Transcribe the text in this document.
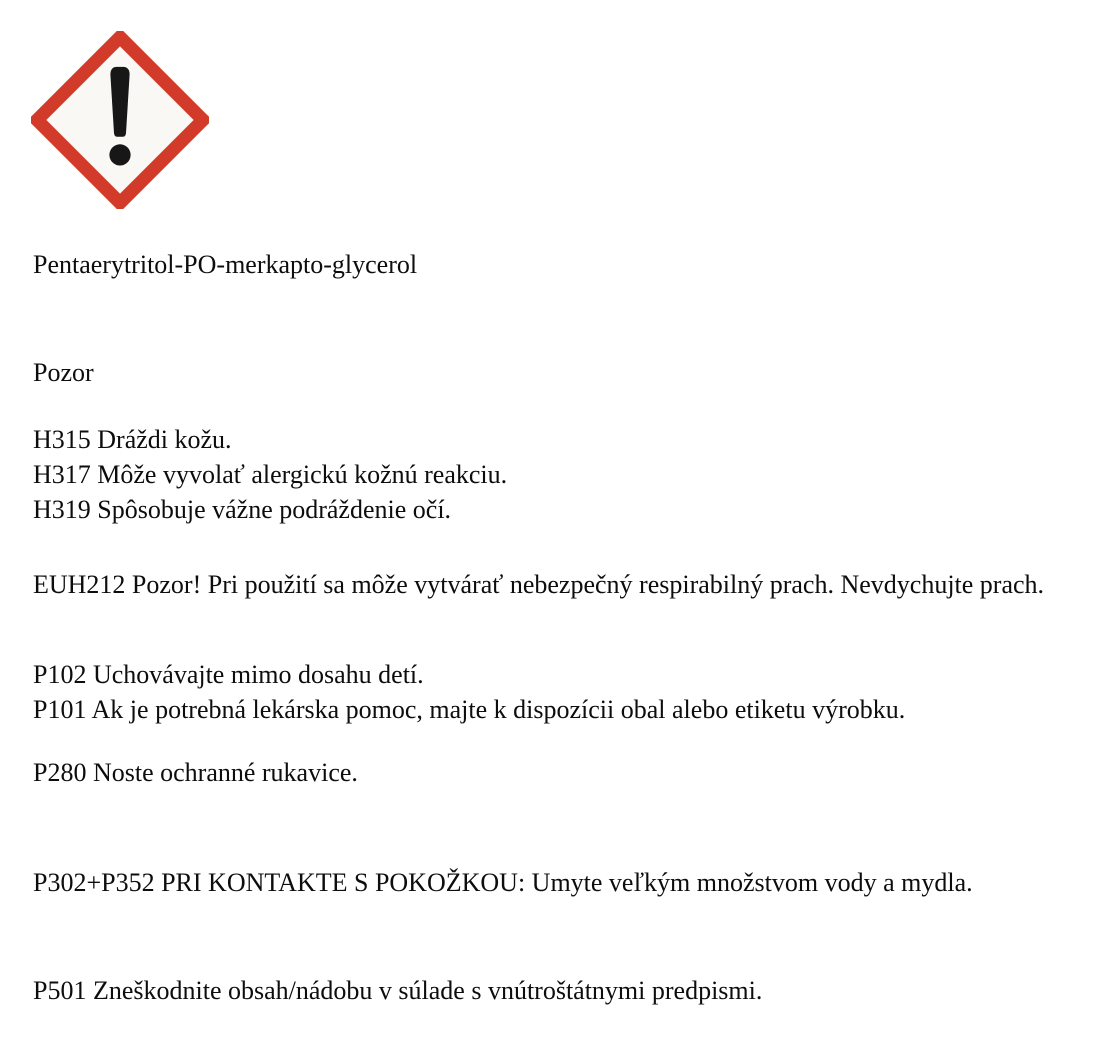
Pentaerytritol-PO-merkapto-glycerol
Pozor
H315 Dráždi kožu.
H317 Môže vyvolať alergickú kožnú reakciu.
H319 Spôsobuje vážne podráždenie očí.
EUH212 Pozor! Pri použití sa môže vytvárať nebezpečný respirabilný prach. Nevdychujte prach.
P102 Uchovávajte mimo dosahu detí.
P101 Ak je potrebná lekárska pomoc, majte k dispozícii obal alebo etiketu výrobku.
P280 Noste ochranné rukavice.
P302+P352 PRI KONTAKTE S POKOŽKOU: Umyte veľkým množstvom vody a mydla.
P501 Zneškodnite obsah/nádobu v súlade s vnútroštátnymi predpismi.
